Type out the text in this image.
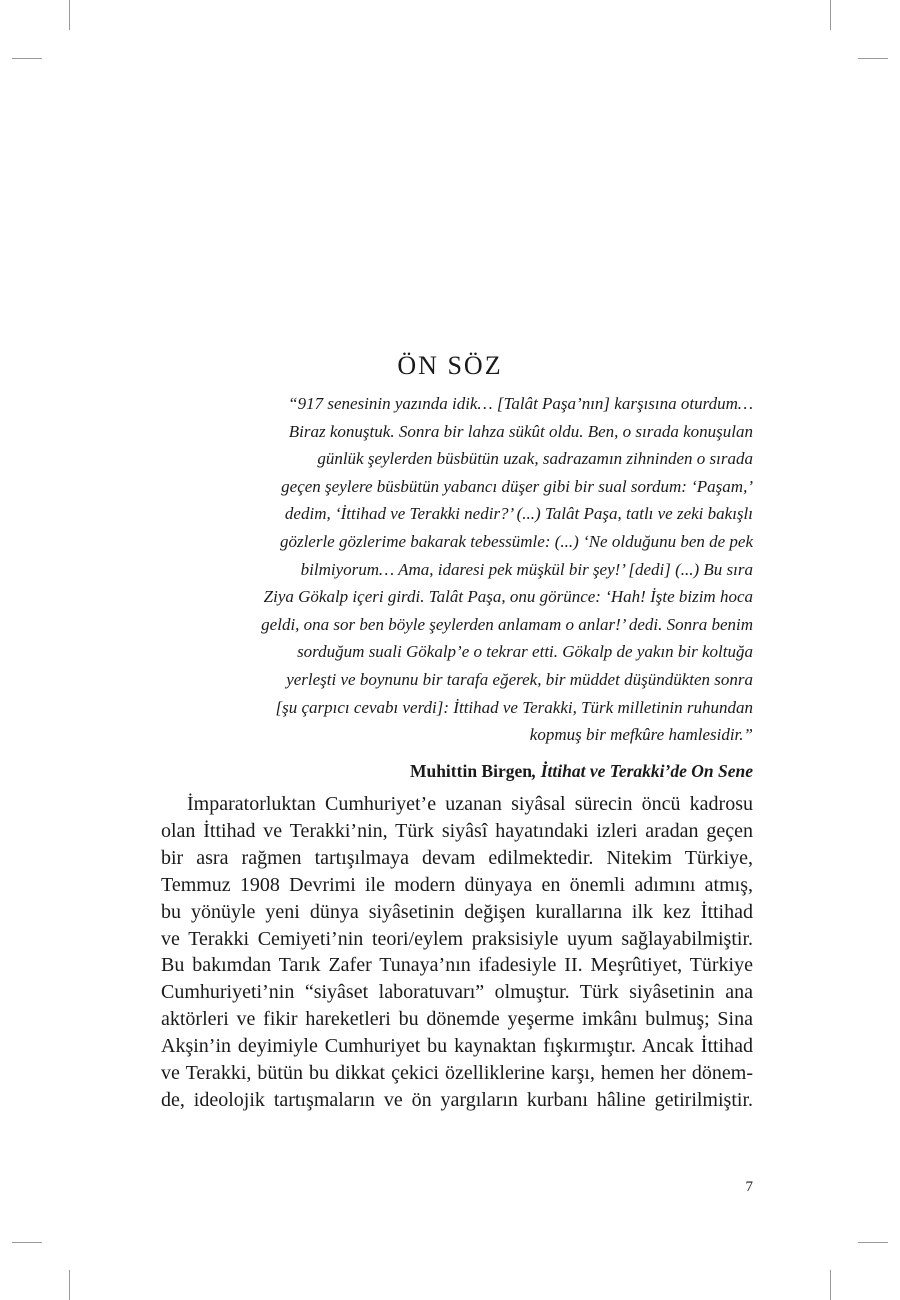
ÖN SÖZ

“917 senesinin yazında idik… [Talât Paşa’nın] karşısına oturdum…
Biraz konuştuk. Sonra bir lahza sükût oldu. Ben, o sırada konuşulan
günlük şeylerden büsbütün uzak, sadrazamın zihninden o sırada
geçen şeylere büsbütün yabancı düşer gibi bir sual sordum: ‘Paşam,’
dedim, ‘İttihad ve Terakki nedir?’ (...) Talât Paşa, tatlı ve zeki bakışlı
gözlerle gözlerime bakarak tebessümle: (...) ‘Ne olduğunu ben de pek
bilmiyorum… Ama, idaresi pek müşkül bir şey!’ [dedi] (...) Bu sıra
Ziya Gökalp içeri girdi. Talât Paşa, onu görünce: ‘Hah! İşte bizim hoca
geldi, ona sor ben böyle şeylerden anlamam o anlar!’ dedi. Sonra benim
sorduğum suali Gökalp’e o tekrar etti. Gökalp de yakın bir koltuğa
yerleşti ve boynunu bir tarafa eğerek, bir müddet düşündükten sonra
[şu çarpıcı cevabı verdi]: İttihad ve Terakki, Türk milletinin ruhundan
kopmuş bir mefkûre hamlesidir.”

Muhittin Birgen, İttihat ve Terakki’de On Sene

İmparatorluktan Cumhuriyet’e uzanan siyâsal sürecin öncü kadrosu
olan İttihad ve Terakki’nin, Türk siyâsî hayatındaki izleri aradan geçen
bir asra rağmen tartışılmaya devam edilmektedir. Nitekim Türkiye,
Temmuz 1908 Devrimi ile modern dünyaya en önemli adımını atmış,
bu yönüyle yeni dünya siyâsetinin değişen kurallarına ilk kez İttihad
ve Terakki Cemiyeti’nin teori/eylem praksisiyle uyum sağlayabilmiştir.
Bu bakımdan Tarık Zafer Tunaya’nın ifadesiyle II. Meşrûtiyet, Türkiye
Cumhuriyeti’nin “siyâset laboratuvarı” olmuştur. Türk siyâsetinin ana
aktörleri ve fikir hareketleri bu dönemde yeşerme imkânı bulmuş; Sina
Akşin’in deyimiyle Cumhuriyet bu kaynaktan fışkırmıştır. Ancak İttihad
ve Terakki, bütün bu dikkat çekici özelliklerine karşı, hemen her dönem-
de, ideolojik tartışmaların ve ön yargıların kurbanı hâline getirilmiştir.

7
